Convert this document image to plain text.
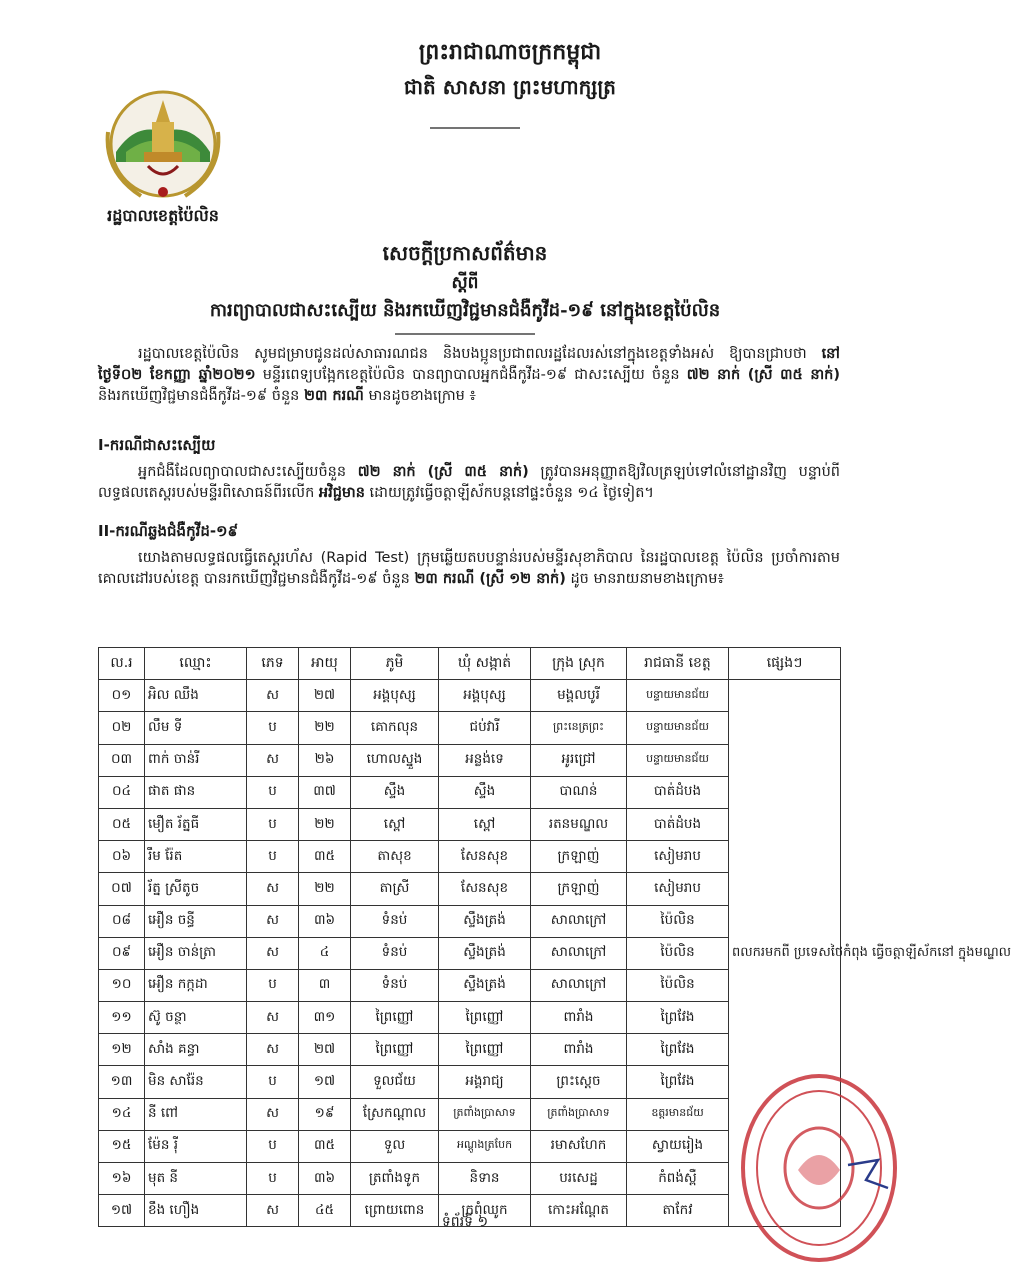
ព្រះរាជាណាចក្រកម្ពុជា
ជាតិ សាសនា ព្រះមហាក្សត្រ
រដ្ឋបាលខេត្តប៉ៃលិន
សេចក្តីប្រកាសព័ត៌មាន
ស្តីពី
ការព្យាបាលជាសះស្បើយ និងរកឃើញវិជ្ជមានជំងឺកូវីដ-១៩ នៅក្នុងខេត្តប៉ៃលិន
រដ្ឋបាលខេត្តប៉ៃលិន សូមជម្រាបជូនដល់សាធារណជន និងបងប្អូនប្រជាពលរដ្ឋដែលរស់នៅក្នុងខេត្តទាំងអស់ ឱ្យបានជ្រាបថា នៅថ្ងៃទី០២ ខែកញ្ញា ឆ្នាំ២០២១ មន្ទីរពេទ្យបង្អែកខេត្តប៉ៃលិន បានព្យាបាលអ្នកជំងឺកូវីដ-១៩ ជាសះស្បើយ ចំនួន ៧២ នាក់ (ស្រី ៣៥ នាក់) និងរកឃើញវិជ្ជមានជំងឺកូវីដ-១៩ ចំនួន ២៣ ករណី មានដូចខាងក្រោម ៖
I-ករណីជាសះស្បើយ
អ្នកជំងឺដែលព្យាបាលជាសះស្បើយចំនួន ៧២ នាក់ (ស្រី ៣៥ នាក់) ត្រូវបានអនុញ្ញាតឱ្យវិលត្រឡប់ទៅលំនៅដ្ឋានវិញ បន្ទាប់ពីលទ្ធផលតេស្តរបស់មន្ទីរពិសោធន៍ពីរលើក អវិជ្ជមាន ដោយត្រូវធ្វើចត្តាឡីស័កបន្តនៅផ្ទះចំនួន ១៤ ថ្ងៃទៀត។
II-ករណីឆ្លងជំងឺកូវីដ-១៩
យោងតាមលទ្ធផលធ្វើតេស្តរហ័ស (Rapid Test) ក្រុមឆ្លើយតបបន្ទាន់របស់មន្ទីរសុខាភិបាល នៃរដ្ឋបាលខេត្ត ប៉ៃលិន ប្រចាំការតាមគោលដៅរបស់ខេត្ត បានរកឃើញវិជ្ជមានជំងឺកូវីដ-១៩ ចំនួន ២៣ ករណី (ស្រី ១២ នាក់) ដូច មានរាយនាមខាងក្រោម៖
ល.រ	ឈ្មោះ	ភេទ	អាយុ	ភូមិ	ឃុំ សង្កាត់	ក្រុង ស្រុក	រាជធានី ខេត្ត	ផ្សេងៗ
០១	អិល ឈឹង	ស	២៧	អង្គបុស្ស	អង្គបុស្ស	មង្គលបូរី	បន្ទាយមានជ័យ	ពលករមកពី ប្រទេសថៃកំពុង ធ្វើចត្តាឡីស័កនៅ ក្នុងមណ្ឌល
០២	លឹម ទី	ប	២២	គោកលុន	ជប់វារី	ព្រះនេត្រព្រះ	បន្ទាយមានជ័យ	
០៣	ពាក់ ចាន់រី	ស	២៦	ហោលស្នួង	អន្លង់ទេ	អូរជ្រៅ	បន្ទាយមានជ័យ	
០៤	ផាត ផាន	ប	៣៧	ស្ទឹង	ស្ទឹង	បាណន់	បាត់ដំបង	
០៥	មឿត រ័ត្នធី	ប	២២	ស្ពៅ	ស្ពៅ	រតនមណ្ឌល	បាត់ដំបង	
០៦	រឹម រ៉ែត	ប	៣៥	តាសុខ	សែនសុខ	ក្រឡាញ់	សៀមរាប	
០៧	រ័ត្ន ស្រីតូច	ស	២២	តាស្រី	សែនសុខ	ក្រឡាញ់	សៀមរាប	
០៨	អឿន ចន្ធី	ស	៣៦	ទំនប់	ស្ទឹងត្រង់	សាលាក្រៅ	ប៉ៃលិន	
០៩	អឿន ចាន់ត្រា	ស	៤	ទំនប់	ស្ទឹងត្រង់	សាលាក្រៅ	ប៉ៃលិន	
១០	អឿន កក្កដា	ប	៣	ទំនប់	ស្ទឹងត្រង់	សាលាក្រៅ	ប៉ៃលិន	
១១	ស៊ូ ចន្ថា	ស	៣១	ព្រៃញ្ញៅ	ព្រៃញ្ញៅ	ពារាំង	ព្រៃវែង	
១២	សាំង គន្ធា	ស	២៧	ព្រៃញ្ញៅ	ព្រៃញ្ញៅ	ពារាំង	ព្រៃវែង	
១៣	មិន សារ៉ែន	ប	១៧	ទួលជ័យ	អង្គរាជ្យ	ព្រះស្តេច	ព្រៃវែង	
១៤	នី ពៅ	ស	១៩	ស្រែកណ្តាល	ត្រពាំងប្រាសាទ	ត្រពាំងប្រាសាទ	ឧត្តរមានជ័យ	
១៥	ម៉ែន រ៉ី	ប	៣៥	ទួល	អណ្តូងត្របែក	រមាសហែក	ស្វាយរៀង	
១៦	មុត នី	ប	៣៦	ត្រពាំងទូក	និទាន	បរសេដ្ឋ	កំពង់ស្ពឺ	
១៧	ខឹង ហឿង	ស	៤៥	ព្រោយពោន	ក្រពុំឈូក	កោះអណ្តែត	តាកែវ	
ទំព័រទី ១
